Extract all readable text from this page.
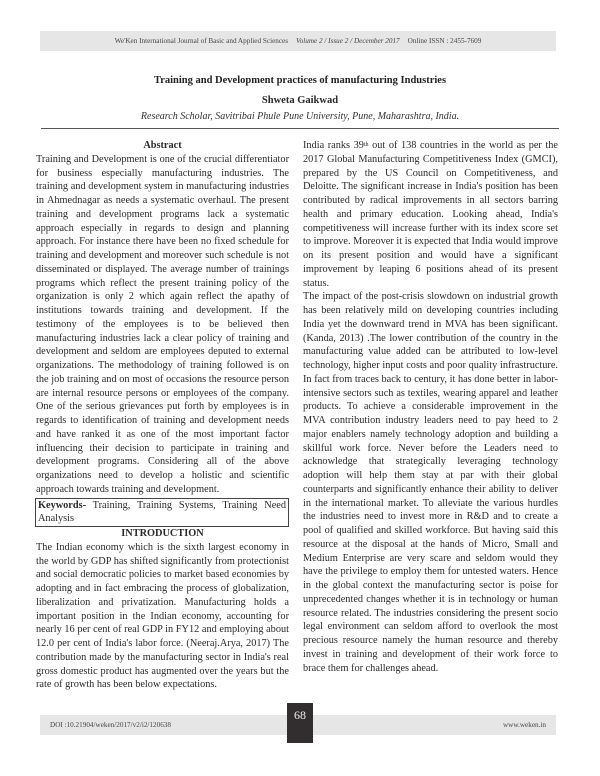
We'Ken International Journal of Basic and Applied Sciences Volume 2 / Issue 2 / December 2017 Online ISSN : 2455-7609
Training and Development practices of manufacturing Industries
Shweta Gaikwad
Research Scholar, Savitribai Phule Pune University, Pune, Maharashtra, India.

Abstract

Training and Development is one of the crucial differentiator for business especially manufacturing industries. The training and development system in manufacturing industries in Ahmednagar as needs a systematic overhaul. The present training and development programs lack a systematic approach especially in regards to design and planning approach. For instance there have been no fixed schedule for training and development and moreover such schedule is not disseminated or displayed. The average number of trainings programs which reflect the present training policy of the organization is only 2 which again reflect the apathy of institutions towards training and development. If the testimony of the employees is to be believed then manufacturing industries lack a clear policy of training and development and seldom are employees deputed to external organizations. The methodology of training followed is on the job training and on most of occasions the resource person are internal resource persons or employees of the company. One of the serious grievances put forth by employees is in regards to identification of training and development needs and have ranked it as one of the most important factor influencing their decision to participate in training and development programs. Considering all of the above organizations need to develop a holistic and scientific approach towards training and development.

Keywords- Training, Training Systems, Training Need Analysis

INTRODUCTION

The Indian economy which is the sixth largest economy in the world by GDP has shifted significantly from protectionist and social democratic policies to market based economies by adopting and in fact embracing the process of globalization, liberalization and privatization. Manufacturing holds a important position in the Indian economy, accounting for nearly 16 per cent of real GDP in FY12 and employing about 12.0 per cent of India's labor force. (Neeraj.Arya, 2017) The contribution made by the manufacturing sector in India's real gross domestic product has augmented over the years but the rate of growth has been below expectations.

India ranks 39th out of 138 countries in the world as per the 2017 Global Manufacturing Competitiveness Index (GMCI), prepared by the US Council on Competitiveness, and Deloitte. The significant increase in India's position has been contributed by radical improvements in all sectors barring health and primary education. Looking ahead, India's competitiveness will increase further with its index score set to improve. Moreover it is expected that India would improve on its present position and would have a significant improvement by leaping 6 positions ahead of its present status.

The impact of the post-crisis slowdown on industrial growth has been relatively mild on developing countries including India yet the downward trend in MVA has been significant.(Kanda, 2013) .The lower contribution of the country in the manufacturing value added can be attributed to low-level technology, higher input costs and poor quality infrastructure. In fact from traces back to century, it has done better in labor-intensive sectors such as textiles, wearing apparel and leather products. To achieve a considerable improvement in the MVA contribution industry leaders need to pay heed to 2 major enablers namely technology adoption and building a skillful work force. Never before the Leaders need to acknowledge that strategically leveraging technology adoption will help them stay at par with their global counterparts and significantly enhance their ability to deliver in the international market. To alleviate the various hurdles the industries need to invest more in R&D and to create a pool of qualified and skilled workforce. But having said this resource at the disposal at the hands of Micro, Small and Medium Enterprise are very scare and seldom would they have the privilege to employ them for untested waters. Hence in the global context the manufacturing sector is poise for unprecedented changes whether it is in technology or human resource related. The industries considering the present socio legal environment can seldom afford to overlook the most precious resource namely the human resource and thereby invest in training and development of their work force to brace them for challenges ahead.

DOI :10.21904/weken/2017/v2/i2/120638
68
www.weken.in
